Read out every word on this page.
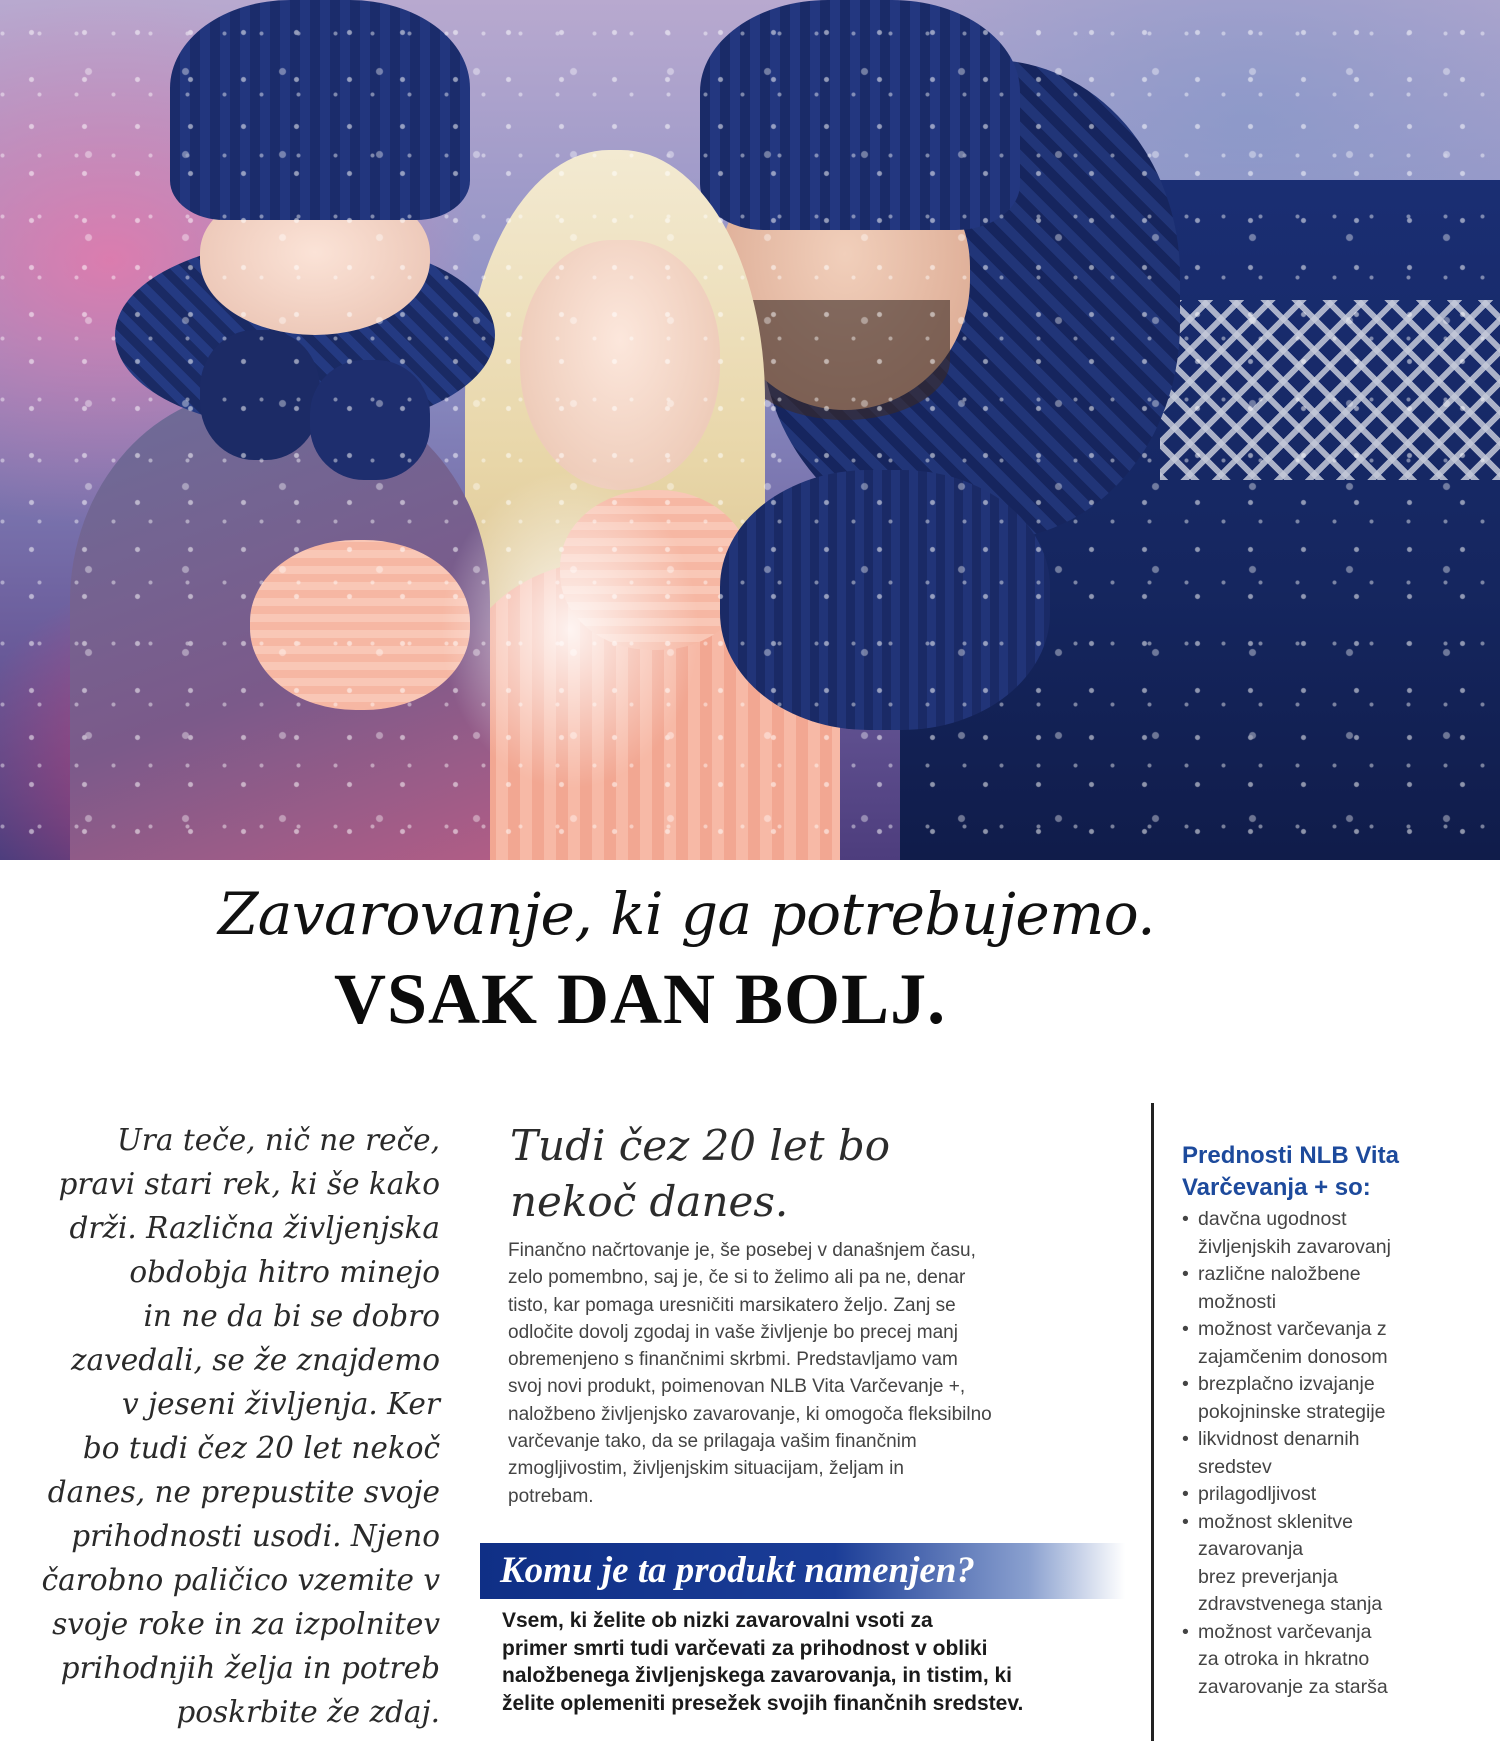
Zavarovanje, ki ga potrebujemo.
VSAK DAN BOLJ.
Ura teče, nič ne reče,
pravi stari rek, ki še kako
drži. Različna življenjska
obdobja hitro minejo
in ne da bi se dobro
zavedali, se že znajdemo
v jeseni življenja. Ker
bo tudi čez 20 let nekoč
danes, ne prepustite svoje
prihodnosti usodi. Njeno
čarobno paličico vzemite v
svoje roke in za izpolnitev
prihodnjih želja in potreb
poskrbite že zdaj.
Tudi čez 20 let bo
nekoč danes.
Finančno načrtovanje je, še posebej v današnjem času,
zelo pomembno, saj je, če si to želimo ali pa ne, denar
tisto, kar pomaga uresničiti marsikatero željo. Zanj se
odločite dovolj zgodaj in vaše življenje bo precej manj
obremenjeno s finančnimi skrbmi. Predstavljamo vam
svoj novi produkt, poimenovan NLB Vita Varčevanje +,
naložbeno življenjsko zavarovanje, ki omogoča fleksibilno
varčevanje tako, da se prilagaja vašim finančnim
zmogljivostim, življenjskim situacijam, željam in
potrebam.
Komu je ta produkt namenjen?
Vsem, ki želite ob nizki zavarovalni vsoti za
primer smrti tudi varčevati za prihodnost v obliki
naložbenega življenjskega zavarovanja, in tistim, ki
želite oplemeniti presežek svojih finančnih sredstev.
Prednosti NLB Vita
Varčevanja + so:
• davčna ugodnost
življenjskih zavarovanj
• različne naložbene
možnosti
• možnost varčevanja z
zajamčenim donosom
• brezplačno izvajanje
pokojninske strategije
• likvidnost denarnih
sredstev
• prilagodljivost
• možnost sklenitve
zavarovanja
brez preverjanja
zdravstvenega stanja
• možnost varčevanja
za otroka in hkratno
zavarovanje za starša
